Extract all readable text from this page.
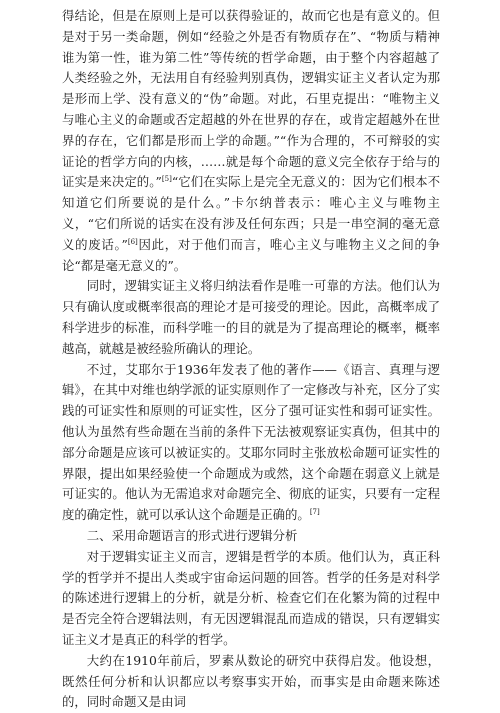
得结论，但是在原则上是可以获得验证的，故而它也是有意义的。但是对于另一类命题，例如“经验之外是否有物质存在”、“物质与精神谁为第一性，谁为第二性”等传统的哲学命题，由于整个内容超越了人类经验之外，无法用自有经验判别真伪，逻辑实证主义者认定为那是形而上学、没有意义的“伪”命题。对此，石里克提出：“唯物主义与唯心主义的命题或否定超越的外在世界的存在，或肯定超越外在世界的存在，它们都是形而上学的命题。”“作为合理的，不可辩驳的实证论的哲学方向的内核，……就是每个命题的意义完全依存于给与的证实是来决定的。”[5]“它们在实际上是完全无意义的：因为它们根本不知道它们所要说的是什么。”卡尔纳普表示：唯心主义与唯物主义，“它们所说的话实在没有涉及任何东西；只是一串空洞的毫无意义的废话。”[6]因此，对于他们而言，唯心主义与唯物主义之间的争论“都是毫无意义的”。

同时，逻辑实证主义将归纳法看作是唯一可靠的方法。他们认为只有确认度或概率很高的理论才是可接受的理论。因此，高概率成了科学进步的标准，而科学唯一的目的就是为了提高理论的概率，概率越高，就越是被经验所确认的理论。

不过，艾耶尔于1936年发表了他的著作——《语言、真理与逻辑》，在其中对维也纳学派的证实原则作了一定修改与补充，区分了实践的可证实性和原则的可证实性，区分了强可证实性和弱可证实性。他认为虽然有些命题在当前的条件下无法被观察证实真伪，但其中的部分命题是应该可以被证实的。艾耶尔同时主张放松命题可证实性的界限，提出如果经验使一个命题成为或然，这个命题在弱意义上就是可证实的。他认为无需追求对命题完全、彻底的证实，只要有一定程度的确定性，就可以承认这个命题是正确的。[7]

二、采用命题语言的形式进行逻辑分析

对于逻辑实证主义而言，逻辑是哲学的本质。他们认为，真正科学的哲学并不提出人类或宇宙命运问题的回答。哲学的任务是对科学的陈述进行逻辑上的分析，就是分析、检查它们在化繁为简的过程中是否完全符合逻辑法则，有无因逻辑混乱而造成的错误，只有逻辑实证主义才是真正的科学的哲学。

大约在1910年前后，罗素从数论的研究中获得启发。他设想，既然任何分析和认识都应以考察事实开始，而事实是由命题来陈述的，同时命题又是由词
